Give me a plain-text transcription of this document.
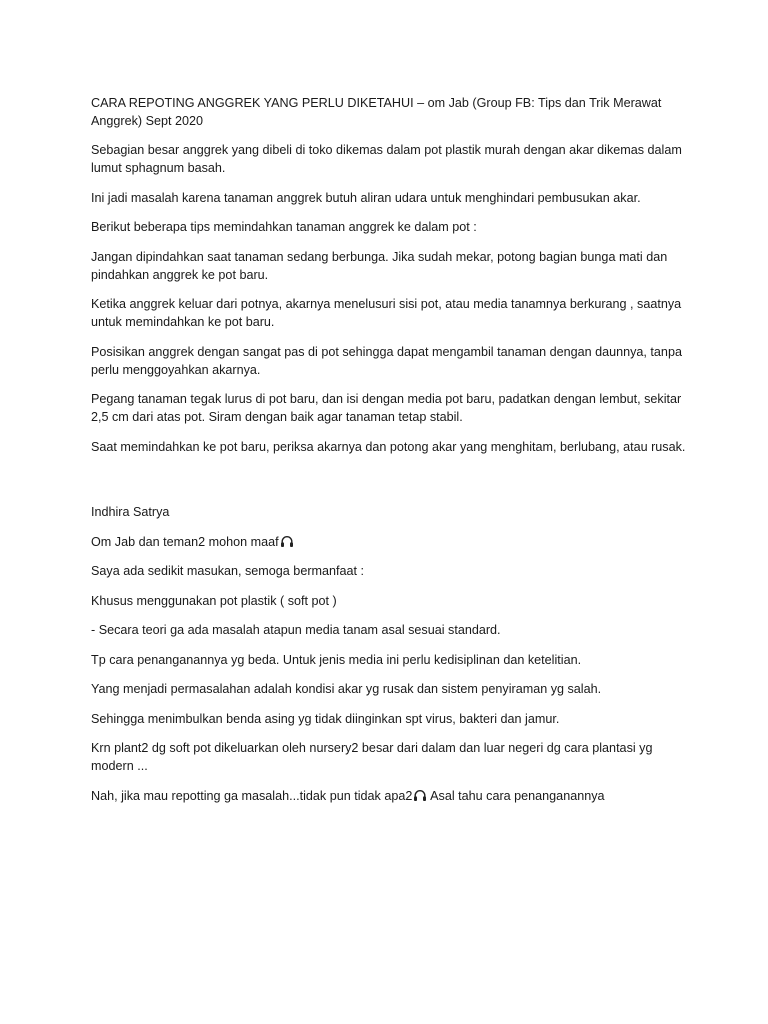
CARA REPOTING ANGGREK YANG PERLU DIKETAHUI – om Jab (Group FB: Tips dan Trik Merawat Anggrek) Sept 2020
Sebagian besar anggrek yang dibeli di toko dikemas dalam pot plastik murah dengan akar dikemas dalam lumut sphagnum basah.
Ini jadi masalah karena tanaman anggrek butuh aliran udara untuk menghindari pembusukan akar.
Berikut beberapa tips memindahkan tanaman anggrek ke dalam pot :
Jangan dipindahkan saat tanaman sedang berbunga. Jika sudah mekar, potong bagian bunga mati dan pindahkan anggrek ke pot baru.
Ketika anggrek keluar dari potnya, akarnya menelusuri sisi pot, atau media tanamnya berkurang , saatnya untuk memindahkan ke pot baru.
Posisikan anggrek dengan sangat pas di pot sehingga dapat mengambil tanaman dengan daunnya, tanpa perlu menggoyahkan akarnya.
Pegang tanaman tegak lurus di pot baru, dan isi dengan media pot baru, padatkan dengan lembut, sekitar 2,5 cm dari atas pot. Siram dengan baik agar tanaman tetap stabil.
Saat memindahkan ke pot baru, periksa akarnya dan potong akar yang menghitam, berlubang, atau rusak.
Indhira Satrya
Om Jab dan teman2 mohon maaf
Saya ada sedikit masukan, semoga bermanfaat :
Khusus menggunakan pot plastik ( soft pot )
- Secara teori ga ada masalah atapun media tanam asal sesuai standard.
Tp cara penanganannya yg beda. Untuk jenis media ini perlu kedisiplinan dan ketelitian.
Yang menjadi permasalahan adalah kondisi akar yg rusak dan sistem penyiraman yg salah.
Sehingga menimbulkan benda asing yg tidak diinginkan spt virus, bakteri dan jamur.
Krn plant2 dg soft pot dikeluarkan oleh nursery2 besar dari dalam dan luar negeri dg cara plantasi yg modern ...
Nah, jika mau repotting ga masalah...tidak pun tidak apa2 Asal tahu cara penanganannya
